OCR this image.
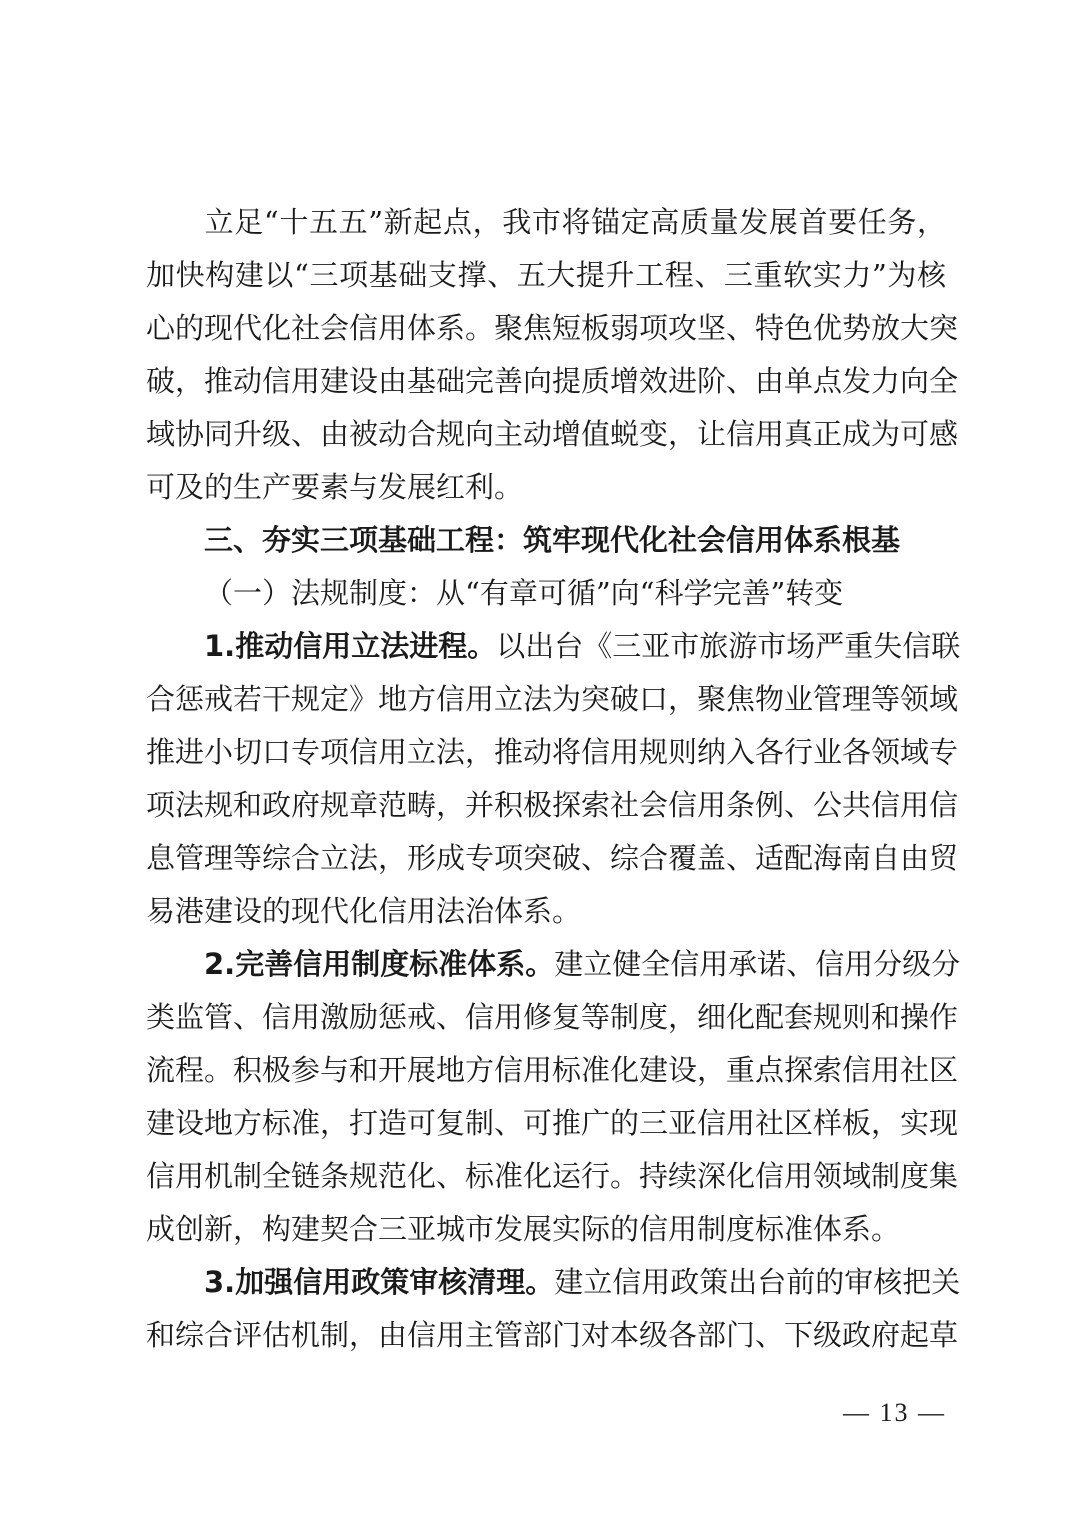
立足“十五五”新起点，我市将锚定高质量发展首要任务，
加快构建以“三项基础支撑、五大提升工程、三重软实力”为核
心的现代化社会信用体系。聚焦短板弱项攻坚、特色优势放大突
破，推动信用建设由基础完善向提质增效进阶、由单点发力向全
域协同升级、由被动合规向主动增值蜕变，让信用真正成为可感
可及的生产要素与发展红利。
三、夯实三项基础工程：筑牢现代化社会信用体系根基
（一）法规制度：从“有章可循”向“科学完善”转变
1.推动信用立法进程。以出台《三亚市旅游市场严重失信联
合惩戒若干规定》地方信用立法为突破口，聚焦物业管理等领域
推进小切口专项信用立法，推动将信用规则纳入各行业各领域专
项法规和政府规章范畴，并积极探索社会信用条例、公共信用信
息管理等综合立法，形成专项突破、综合覆盖、适配海南自由贸
易港建设的现代化信用法治体系。
2.完善信用制度标准体系。建立健全信用承诺、信用分级分
类监管、信用激励惩戒、信用修复等制度，细化配套规则和操作
流程。积极参与和开展地方信用标准化建设，重点探索信用社区
建设地方标准，打造可复制、可推广的三亚信用社区样板，实现
信用机制全链条规范化、标准化运行。持续深化信用领域制度集
成创新，构建契合三亚城市发展实际的信用制度标准体系。
3.加强信用政策审核清理。建立信用政策出台前的审核把关
和综合评估机制，由信用主管部门对本级各部门、下级政府起草
— 13 —
